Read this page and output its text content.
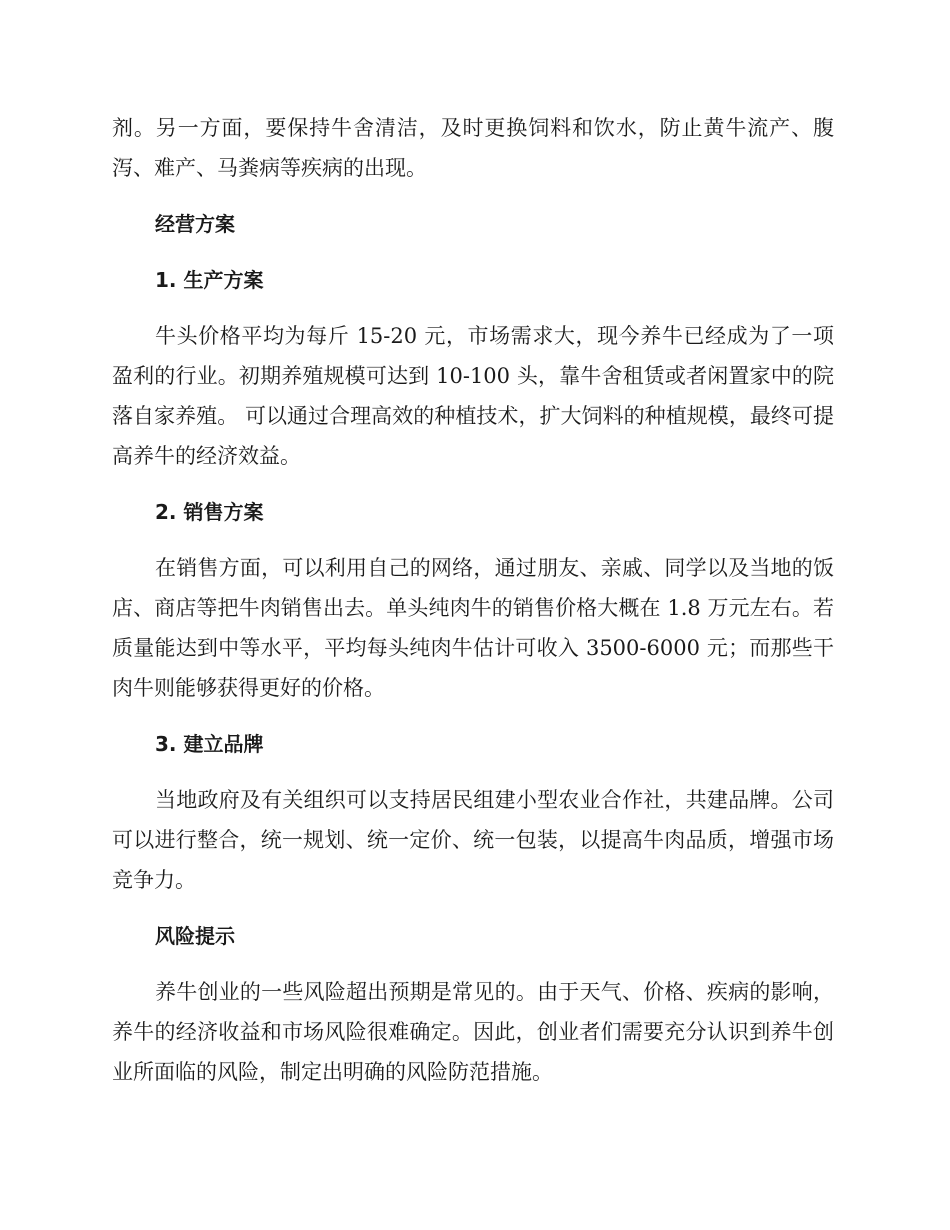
剂。另一方面，要保持牛舍清洁，及时更换饲料和饮水，防止黄牛流产、腹泻、难产、马粪病等疾病的出现。

经营方案
1. 生产方案

牛头价格平均为每斤 15-20 元，市场需求大，现今养牛已经成为了一项盈利的行业。初期养殖规模可达到 10-100 头，靠牛舍租赁或者闲置家中的院落自家养殖。 可以通过合理高效的种植技术，扩大饲料的种植规模，最终可提高养牛的经济效益。

2. 销售方案

在销售方面，可以利用自己的网络，通过朋友、亲戚、同学以及当地的饭店、商店等把牛肉销售出去。单头纯肉牛的销售价格大概在 1.8 万元左右。若质量能达到中等水平，平均每头纯肉牛估计可收入 3500-6000 元；而那些干肉牛则能够获得更好的价格。

3. 建立品牌

当地政府及有关组织可以支持居民组建小型农业合作社，共建品牌。公司可以进行整合，统一规划、统一定价、统一包装，以提高牛肉品质，增强市场竞争力。

风险提示

养牛创业的一些风险超出预期是常见的。由于天气、价格、疾病的影响，养牛的经济收益和市场风险很难确定。因此，创业者们需要充分认识到养牛创业所面临的风险，制定出明确的风险防范措施。
